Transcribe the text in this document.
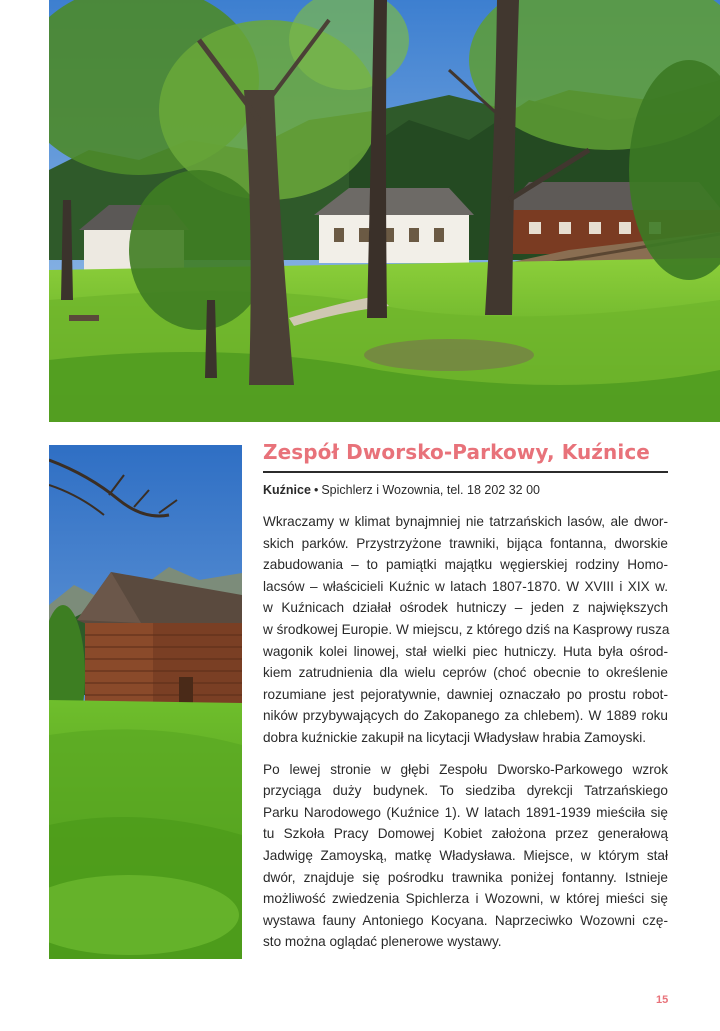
Zespół Dworsko-Parkowy, Kuźnice
Kuźnice • Spichlerz i Wozownia, tel. 18 202 32 00

Wkraczamy w klimat bynajmniej nie tatrzańskich lasów, ale dwor-
skich parków. Przystrzyżone trawniki, bijąca fontanna, dworskie
zabudowania – to pamiątki majątku węgierskiej rodziny Homo-
lacsów – właścicieli Kuźnic w latach 1807-1870. W XVIII i XIX w.
w Kuźnicach działał ośrodek hutniczy – jeden z największych
w środkowej Europie. W miejscu, z którego dziś na Kasprowy rusza
wagonik kolei linowej, stał wielki piec hutniczy. Huta była ośrod-
kiem zatrudnienia dla wielu ceprów (choć obecnie to określenie
rozumiane jest pejoratywnie, dawniej oznaczało po prostu robot-
ników przybywających do Zakopanego za chlebem). W 1889 roku
dobra kuźnickie zakupił na licytacji Władysław hrabia Zamoyski.

Po lewej stronie w głębi Zespołu Dworsko-Parkowego wzrok
przyciąga duży budynek. To siedziba dyrekcji Tatrzańskiego
Parku Narodowego (Kuźnice 1). W latach 1891-1939 mieściła się
tu Szkoła Pracy Domowej Kobiet założona przez generałową
Jadwigę Zamoyską, matkę Władysława. Miejsce, w którym stał
dwór, znajduje się pośrodku trawnika poniżej fontanny. Istnieje
możliwość zwiedzenia Spichlerza i Wozowni, w której mieści się
wystawa fauny Antoniego Kocyana. Naprzeciwko Wozowni czę-
sto można oglądać plenerowe wystawy.

15
